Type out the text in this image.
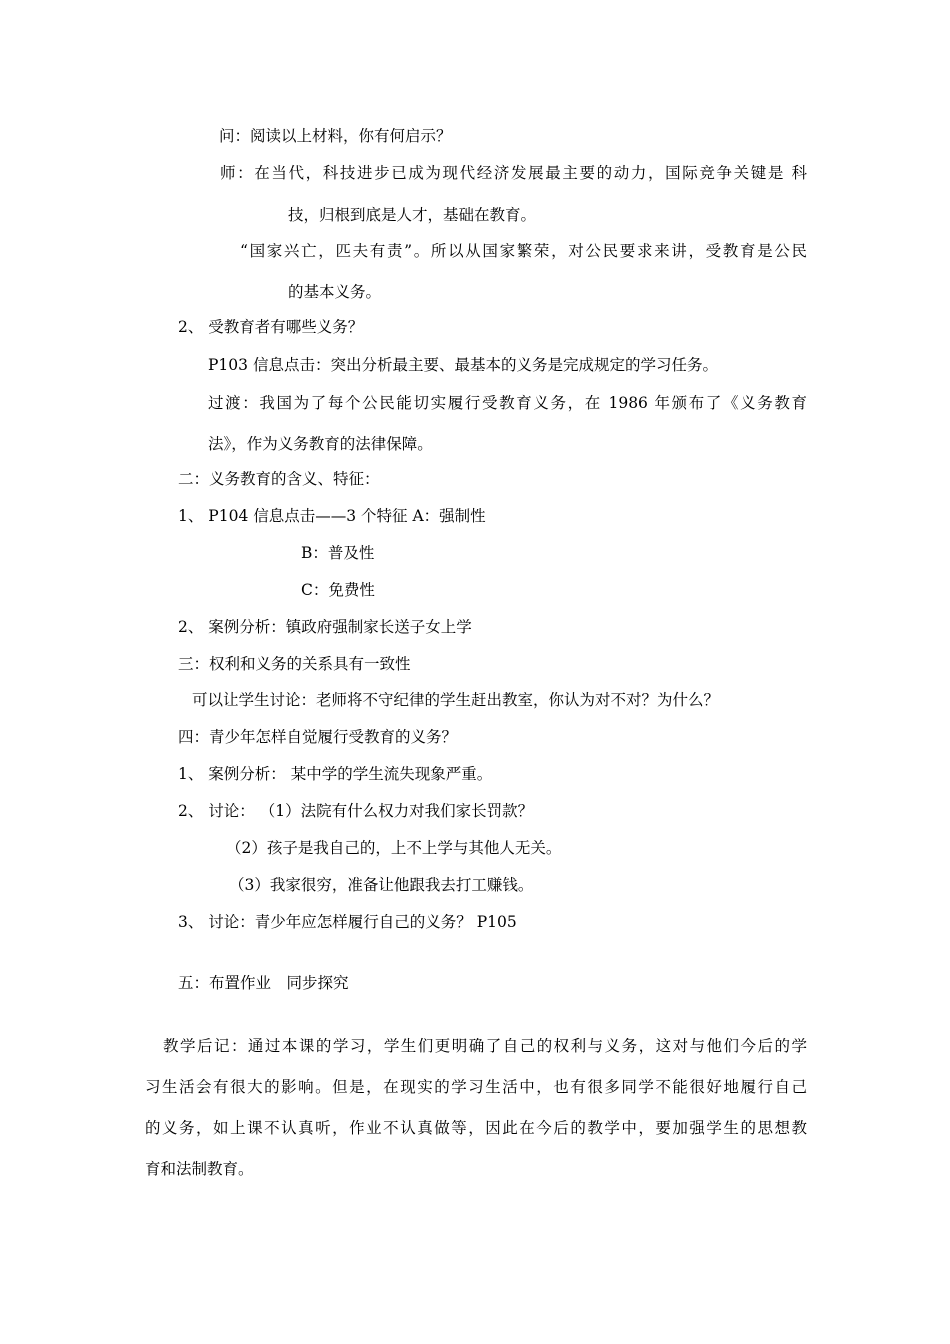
问：阅读以上材料，你有何启示？
师：在当代，科技进步已成为现代经济发展最主要的动力，国际竞争关键是 科
技，归根到底是人才，基础在教育。
“国家兴亡，匹夫有责”。所以从国家繁荣，对公民要求来讲，受教育是公民
的基本义务。
2、 受教育者有哪些义务？
P103 信息点击：突出分析最主要、最基本的义务是完成规定的学习任务。
过渡：我国为了每个公民能切实履行受教育义务，在 1986 年颁布了《义务教育
法》，作为义务教育的法律保障。
二：义务教育的含义、特征：
1、 P104 信息点击——3 个特征 A：强制性
B：普及性
C：免费性
2、 案例分析：镇政府强制家长送子女上学
三：权利和义务的关系具有一致性
可以让学生讨论：老师将不守纪律的学生赶出教室，你认为对不对？为什么？
四：青少年怎样自觉履行受教育的义务？
1、 案例分析： 某中学的学生流失现象严重。
2、 讨论： （1）法院有什么权力对我们家长罚款？
（2）孩子是我自己的，上不上学与其他人无关。
（3）我家很穷，准备让他跟我去打工赚钱。
3、 讨论：青少年应怎样履行自己的义务？ P105
五：布置作业　同步探究
教学后记：通过本课的学习，学生们更明确了自己的权利与义务，这对与他们今后的学
习生活会有很大的影响。但是，在现实的学习生活中，也有很多同学不能很好地履行自己
的义务，如上课不认真听，作业不认真做等，因此在今后的教学中，要加强学生的思想教
育和法制教育。
